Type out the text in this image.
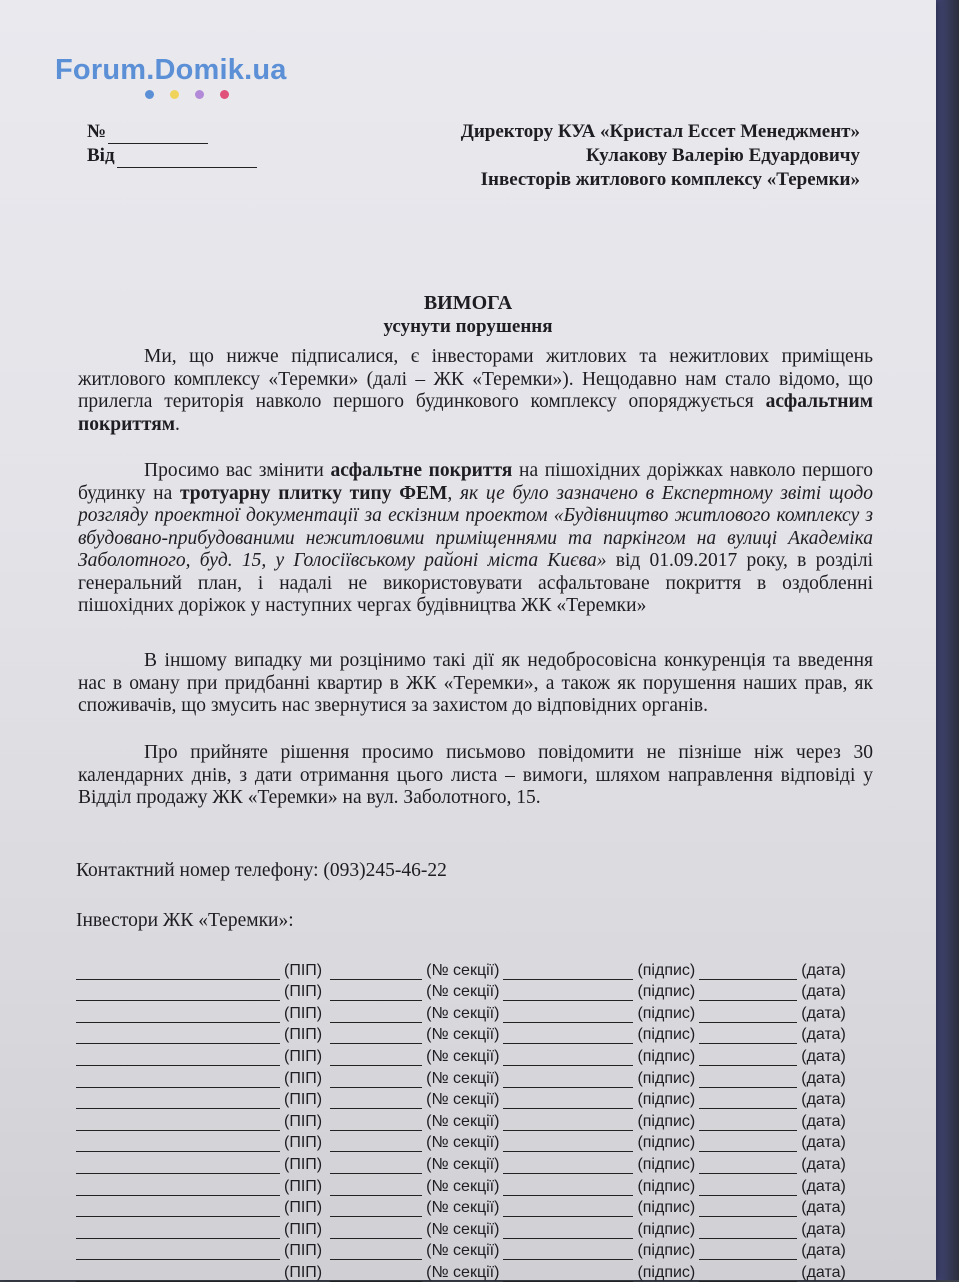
Forum.Domik.ua
№
Від
Директору КУА «Кристал Ессет Менеджмент»
Кулакову Валерію Едуардовичу
Інвесторів житлового комплексу «Теремки»
ВИМОГА
усунути порушення

Ми, що нижче підписалися, є інвесторами житлових та нежитлових приміщень житлового комплексу «Теремки» (далі – ЖК «Теремки»). Нещодавно нам стало відомо, що прилегла територія навколо першого будинкового комплексу опоряджується асфальтним покриттям.

Просимо вас змінити асфальтне покриття на пішохідних доріжках навколо першого будинку на тротуарну плитку типу ФЕМ, як це було зазначено в Експертному звіті щодо розгляду проектної документації за ескізним проектом «Будівництво житлового комплексу з вбудовано-прибудованими нежитловими приміщеннями та паркінгом на вулиці Академіка Заболотного, буд. 15, у Голосіївському районі міста Києва» від 01.09.2017 року, в розділі генеральний план, і надалі не використовувати асфальтоване покриття в оздобленні пішохідних доріжок у наступних чергах будівництва ЖК «Теремки»

В іншому випадку ми розцінимо такі дії як недобросовісна конкуренція та введення нас в оману при придбанні квартир в ЖК «Теремки», а також як порушення наших прав, як споживачів, що змусить нас звернутися за захистом до відповідних органів.

Про прийняте рішення просимо письмово повідомити не пізніше ніж через 30 календарних днів, з дати отримання цього листа – вимоги, шляхом направлення відповіді у Відділ продажу ЖК «Теремки» на вул. Заболотного, 15.

Контактний номер телефону: (093)245-46-22
Інвестори ЖК «Теремки»:
(ПІП)	(№ секції)	(підпис)	(дата)
(ПІП)	(№ секції)	(підпис)	(дата)
(ПІП)	(№ секції)	(підпис)	(дата)
(ПІП)	(№ секції)	(підпис)	(дата)
(ПІП)	(№ секції)	(підпис)	(дата)
(ПІП)	(№ секції)	(підпис)	(дата)
(ПІП)	(№ секції)	(підпис)	(дата)
(ПІП)	(№ секції)	(підпис)	(дата)
(ПІП)	(№ секції)	(підпис)	(дата)
(ПІП)	(№ секції)	(підпис)	(дата)
(ПІП)	(№ секції)	(підпис)	(дата)
(ПІП)	(№ секції)	(підпис)	(дата)
(ПІП)	(№ секції)	(підпис)	(дата)
(ПІП)	(№ секції)	(підпис)	(дата)
(ПІП)	(№ секції)	(підпис)	(дата)
